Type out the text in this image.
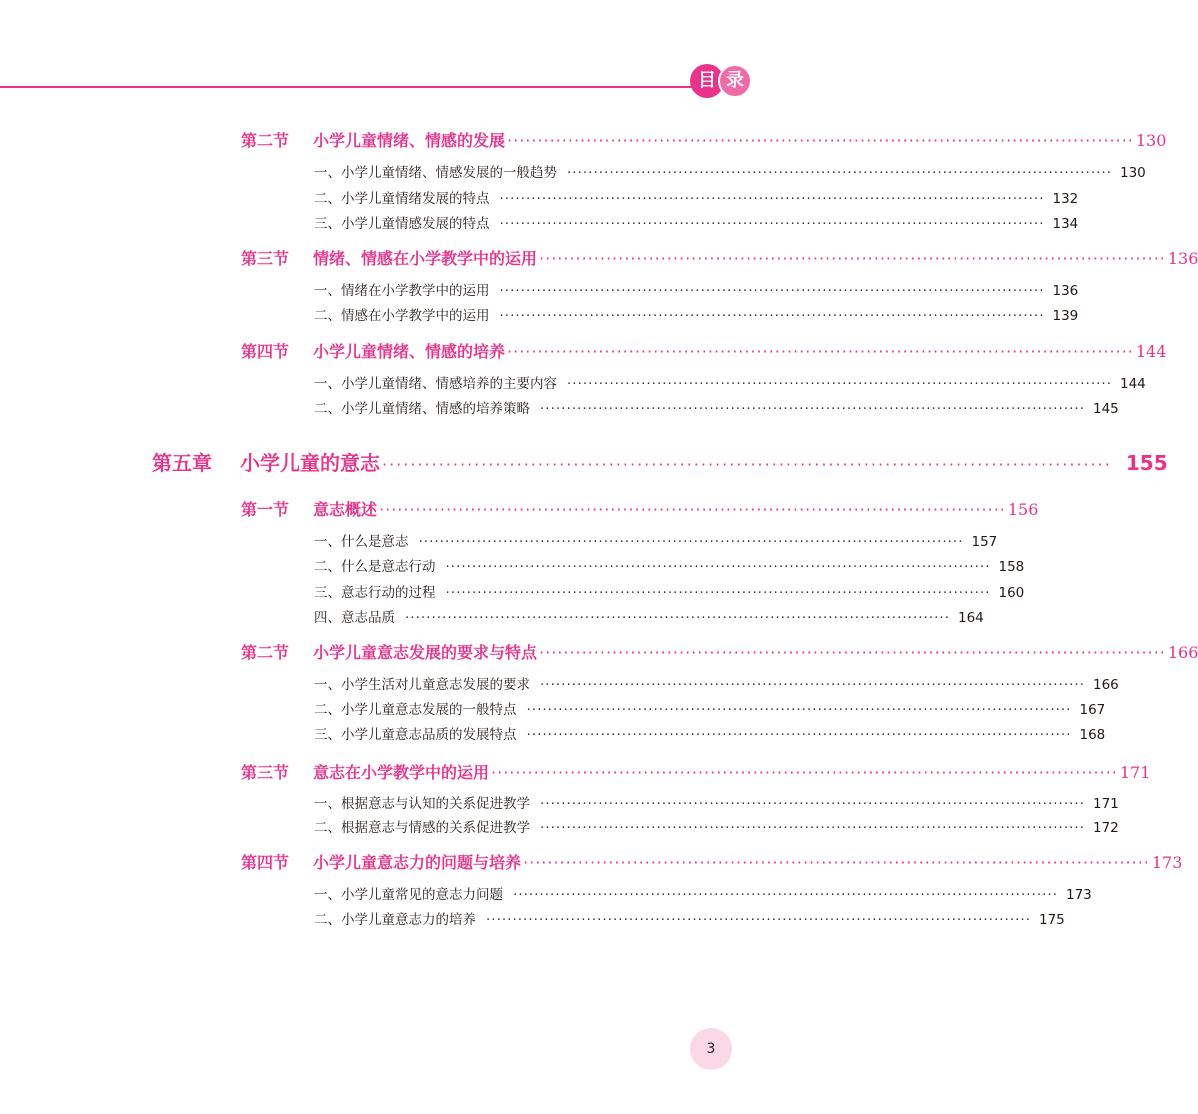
目 录
第二节	小学儿童情绪、情感的发展 ······································································································· 130
一、小学儿童情绪、情感发展的一般趋势 ······································································································· 130
二、小学儿童情绪发展的特点 ······································································································· 132
三、小学儿童情感发展的特点 ······································································································· 134
第三节	情绪、情感在小学教学中的运用 ······································································································· 136
一、情绪在小学教学中的运用 ······································································································· 136
二、情感在小学教学中的运用 ······································································································· 139
第四节	小学儿童情绪、情感的培养 ······································································································· 144
一、小学儿童情绪、情感培养的主要内容 ······································································································· 144
二、小学儿童情绪、情感的培养策略 ······································································································· 145
第五章	小学儿童的意志 ······································································································· 155
第一节	意志概述 ······································································································· 156
一、什么是意志 ······································································································· 157
二、什么是意志行动 ······································································································· 158
三、意志行动的过程 ······································································································· 160
四、意志品质 ······································································································· 164
第二节	小学儿童意志发展的要求与特点 ······································································································· 166
一、小学生活对儿童意志发展的要求 ······································································································· 166
二、小学儿童意志发展的一般特点 ······································································································· 167
三、小学儿童意志品质的发展特点 ······································································································· 168
第三节	意志在小学教学中的运用 ······································································································· 171
一、根据意志与认知的关系促进教学 ······································································································· 171
二、根据意志与情感的关系促进教学 ······································································································· 172
第四节	小学儿童意志力的问题与培养 ······································································································· 173
一、小学儿童常见的意志力问题 ······································································································· 173
二、小学儿童意志力的培养 ······································································································· 175
3
